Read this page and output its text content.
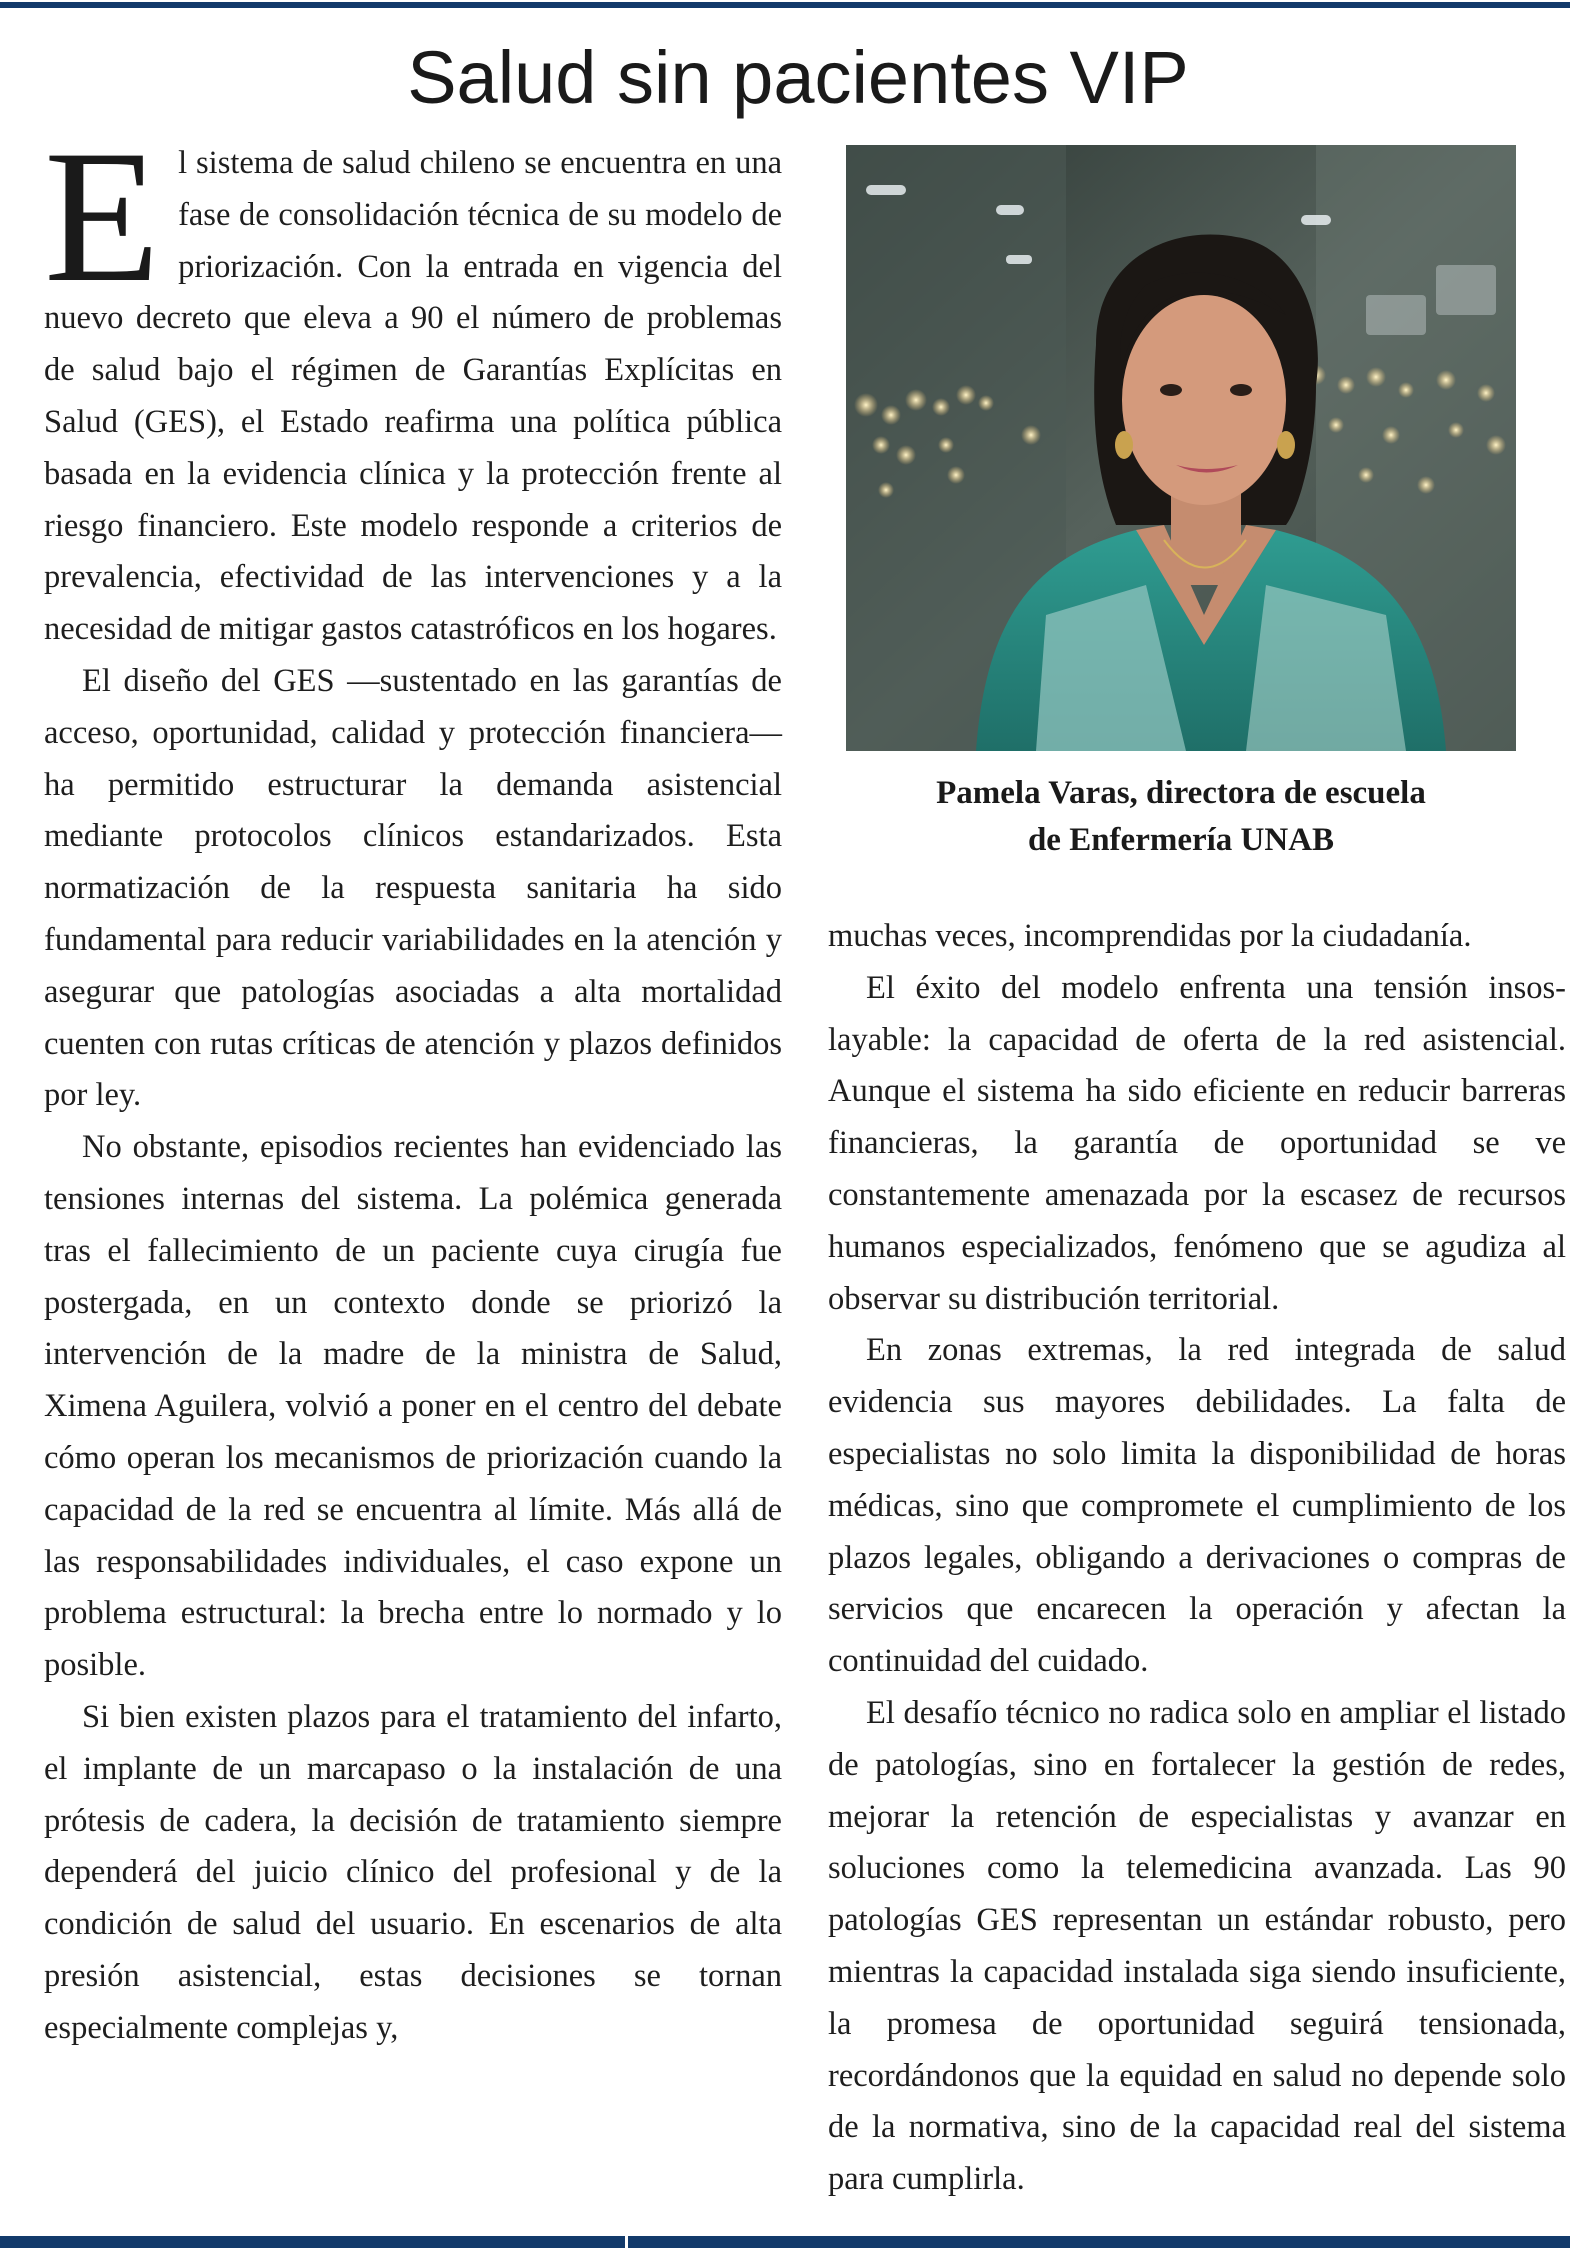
Salud sin pacientes VIP

El sistema de salud chileno se encuentra en una fase de consolidación técnica de su modelo de priorización. Con la entrada en vigencia del nuevo decreto que eleva a 90 el número de problemas de salud bajo el régimen de Garantías Explícitas en Salud (GES), el Estado reafirma una política pública basada en la evidencia clínica y la protección frente al riesgo financiero. Este modelo responde a criterios de prevalencia, efectividad de las intervenciones y a la necesidad de mitigar gastos catastróficos en los hogares.

El diseño del GES —sustentado en las garantías de acceso, oportunidad, calidad y protección financiera— ha permitido estructurar la demanda asistencial mediante protocolos clínicos estandarizados. Esta normatización de la respuesta sanitaria ha sido fundamental para reducir variabilidades en la atención y asegurar que patologías asociadas a alta mortalidad cuenten con rutas críticas de atención y plazos definidos por ley.

No obstante, episodios recientes han evidenciado las tensiones internas del sistema. La polémica generada tras el fallecimiento de un paciente cuya cirugía fue postergada, en un contexto donde se priorizó la intervención de la madre de la ministra de Salud, Ximena Aguilera, volvió a poner en el centro del debate cómo operan los mecanismos de priorización cuando la capacidad de la red se encuentra al límite. Más allá de las responsabilidades individuales, el caso expone un problema estructural: la brecha entre lo normado y lo posible.

Si bien existen plazos para el tratamiento del infarto, el implante de un marcapaso o la instalación de una prótesis de cadera, la decisión de tratamiento siempre dependerá del juicio clínico del profesional y de la condición de salud del usuario. En escenarios de alta presión asistencial, estas decisiones se tornan especialmente complejas y,

Pamela Varas, directora de escuela
de Enfermería UNAB

muchas veces, incomprendidas por la ciudadanía.

El éxito del modelo enfrenta una tensión insoslayable: la capacidad de oferta de la red asistencial. Aunque el sistema ha sido eficiente en reducir barreras financieras, la garantía de oportunidad se ve constantemente amenazada por la escasez de recursos humanos especializados, fenómeno que se agudiza al observar su distribución territorial.

En zonas extremas, la red integrada de salud evidencia sus mayores debilidades. La falta de especialistas no solo limita la disponibilidad de horas médicas, sino que compromete el cumplimiento de los plazos legales, obligando a derivaciones o compras de servicios que encarecen la operación y afectan la continuidad del cuidado.

El desafío técnico no radica solo en ampliar el listado de patologías, sino en fortalecer la gestión de redes, mejorar la retención de especialistas y avanzar en soluciones como la telemedicina avanzada. Las 90 patologías GES representan un estándar robusto, pero mientras la capacidad instalada siga siendo insuficiente, la promesa de oportunidad seguirá tensionada, recordándonos que la equidad en salud no depende solo de la normativa, sino de la capacidad real del sistema para cumplirla.
